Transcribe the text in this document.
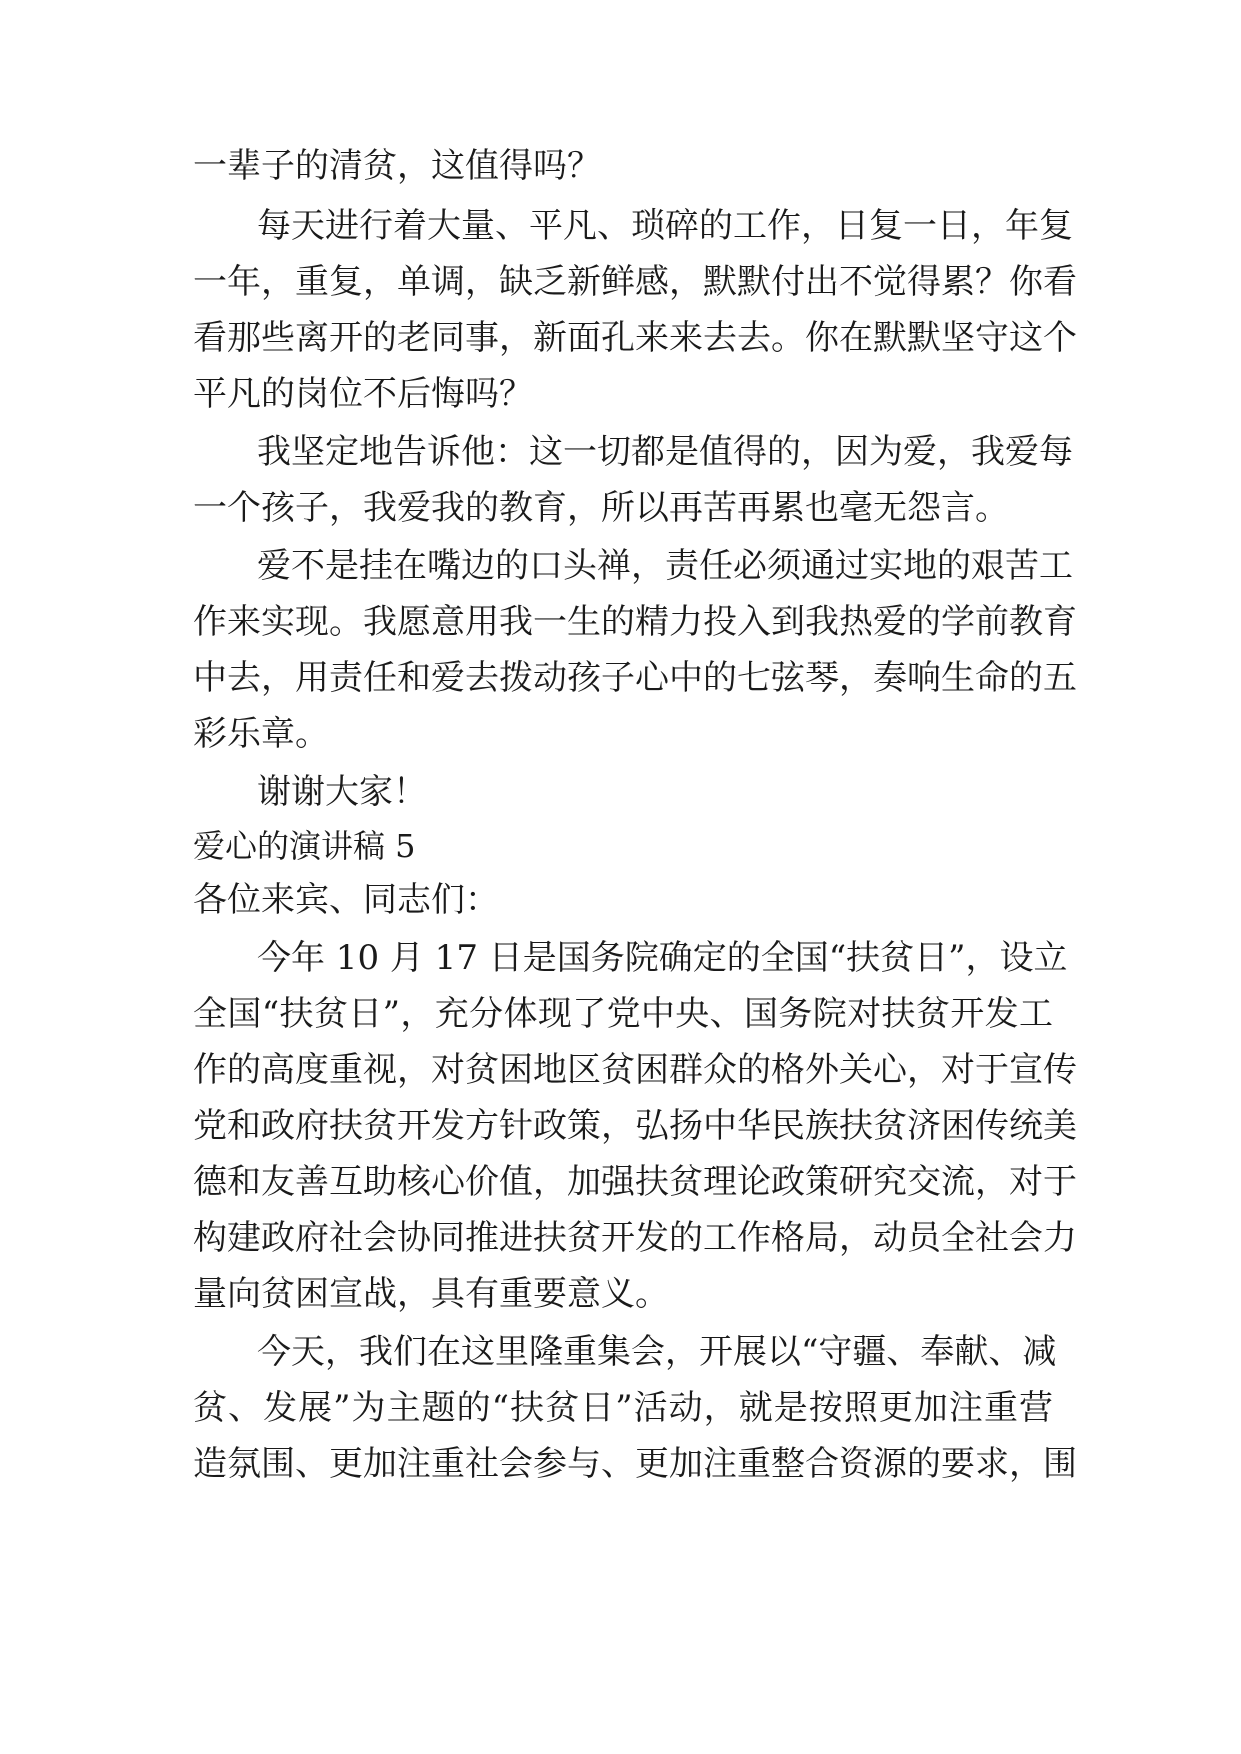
一辈子的清贫，这值得吗？
每天进行着大量、平凡、琐碎的工作，日复一日，年复
一年，重复，单调，缺乏新鲜感，默默付出不觉得累？你看
看那些离开的老同事，新面孔来来去去。你在默默坚守这个
平凡的岗位不后悔吗？
我坚定地告诉他：这一切都是值得的，因为爱，我爱每
一个孩子，我爱我的教育，所以再苦再累也毫无怨言。
爱不是挂在嘴边的口头禅，责任必须通过实地的艰苦工
作来实现。我愿意用我一生的精力投入到我热爱的学前教育
中去，用责任和爱去拨动孩子心中的七弦琴，奏响生命的五
彩乐章。
谢谢大家！
爱心的演讲稿 5
各位来宾、同志们：
今年 10 月 17 日是国务院确定的全国“扶贫日”，设立
全国“扶贫日”，充分体现了党中央、国务院对扶贫开发工
作的高度重视，对贫困地区贫困群众的格外关心，对于宣传
党和政府扶贫开发方针政策，弘扬中华民族扶贫济困传统美
德和友善互助核心价值，加强扶贫理论政策研究交流，对于
构建政府社会协同推进扶贫开发的工作格局，动员全社会力
量向贫困宣战，具有重要意义。
今天，我们在这里隆重集会，开展以“守疆、奉献、减
贫、发展”为主题的“扶贫日”活动，就是按照更加注重营
造氛围、更加注重社会参与、更加注重整合资源的要求，围
